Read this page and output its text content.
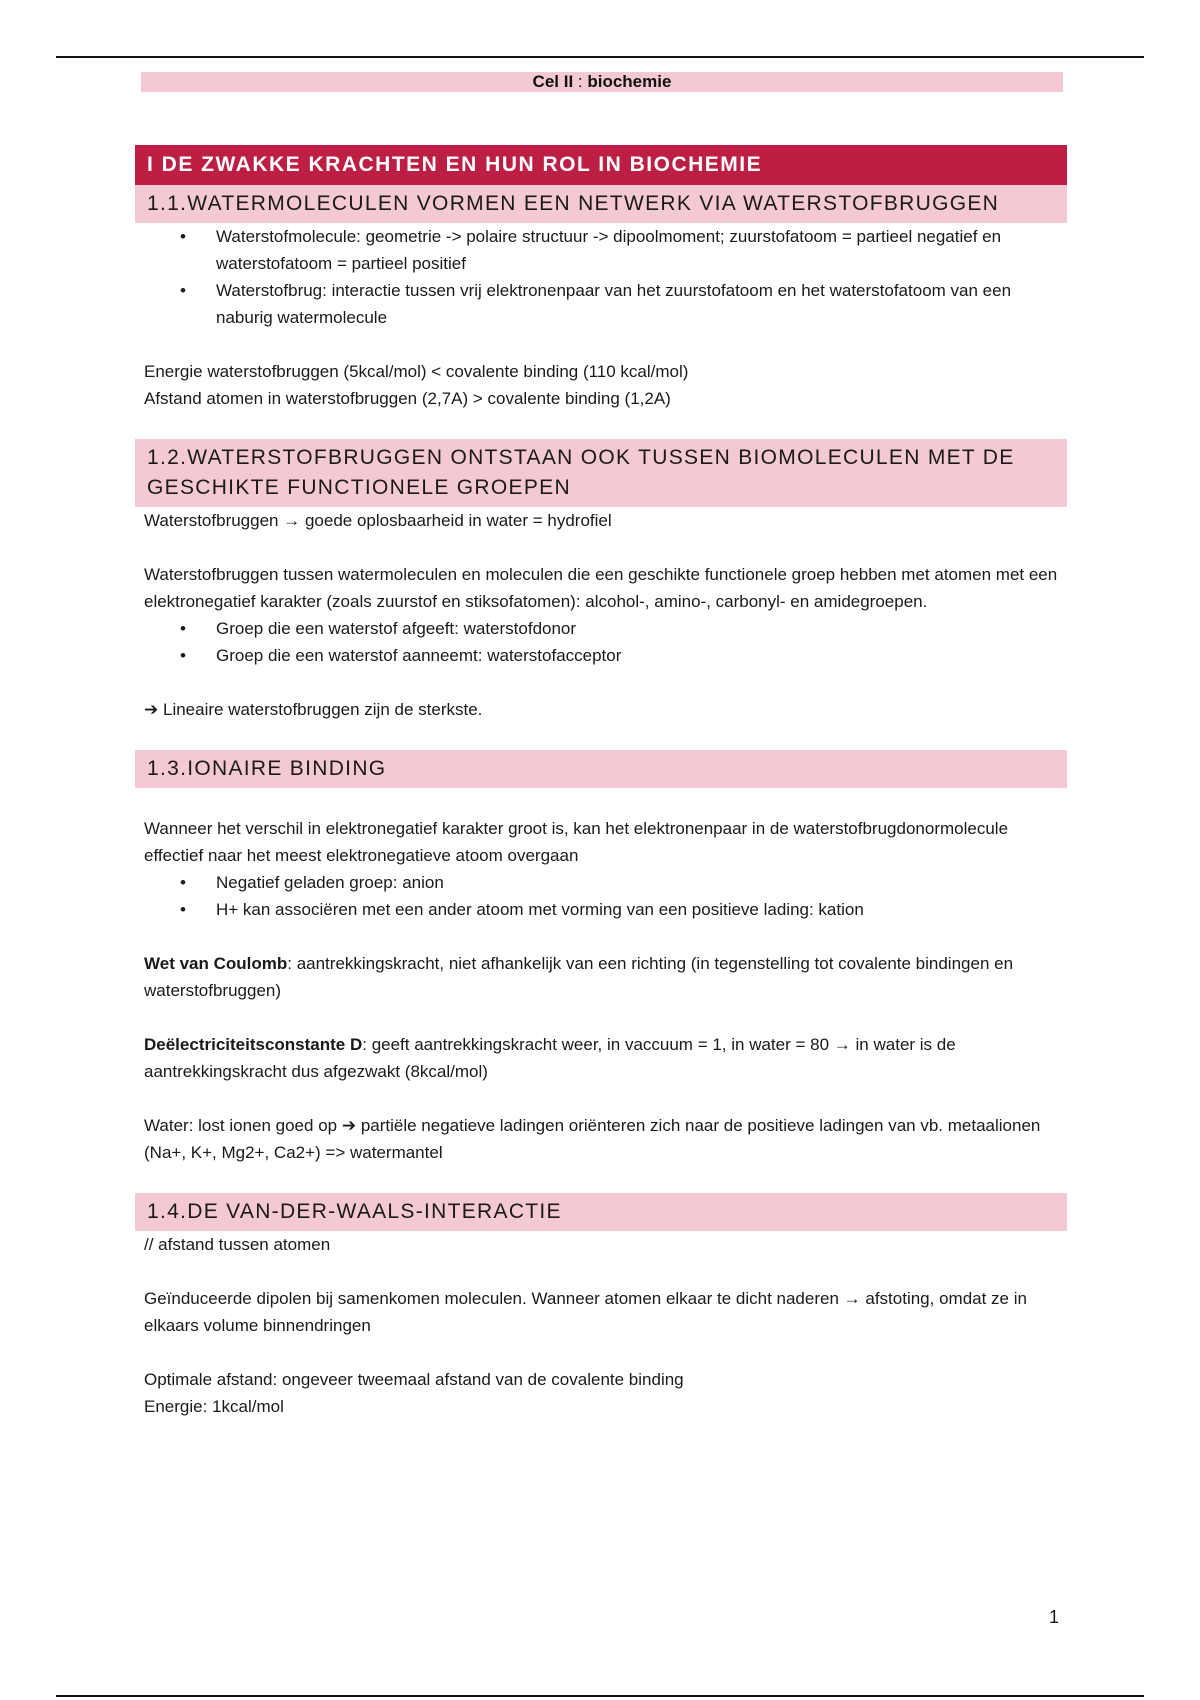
Cel II : biochemie
I DE ZWAKKE KRACHTEN EN HUN ROL IN BIOCHEMIE
1.1.WATERMOLECULEN VORMEN EEN NETWERK VIA WATERSTOFBRUGGEN
• Waterstofmolecule: geometrie -> polaire structuur -> dipoolmoment; zuurstofatoom = partieel negatief en waterstofatoom = partieel positief
• Waterstofbrug: interactie tussen vrij elektronenpaar van het zuurstofatoom en het waterstofatoom van een naburig watermolecule

Energie waterstofbruggen (5kcal/mol) < covalente binding (110 kcal/mol)

Afstand atomen in waterstofbruggen (2,7A) > covalente binding (1,2A)

1.2.WATERSTOFBRUGGEN ONTSTAAN OOK TUSSEN BIOMOLECULEN MET DE GESCHIKTE FUNCTIONELE GROEPEN

Waterstofbruggen → goede oplosbaarheid in water = hydrofiel

Waterstofbruggen tussen watermoleculen en moleculen die een geschikte functionele groep hebben met atomen met een elektronegatief karakter (zoals zuurstof en stiksofatomen): alcohol-, amino-, carbonyl- en amidegroepen.

• Groep die een waterstof afgeeft: waterstofdonor
• Groep die een waterstof aanneemt: waterstofacceptor

➔ Lineaire waterstofbruggen zijn de sterkste.

1.3.IONAIRE BINDING

Wanneer het verschil in elektronegatief karakter groot is, kan het elektronenpaar in de waterstofbrugdonormolecule effectief naar het meest elektronegatieve atoom overgaan

• Negatief geladen groep: anion
• H+ kan associëren met een ander atoom met vorming van een positieve lading: kation

Wet van Coulomb: aantrekkingskracht, niet afhankelijk van een richting (in tegenstelling tot covalente bindingen en waterstofbruggen)

Deëlectriciteitsconstante D: geeft aantrekkingskracht weer, in vaccuum = 1, in water = 80 → in water is de aantrekkingskracht dus afgezwakt (8kcal/mol)

Water: lost ionen goed op ➔ partiële negatieve ladingen oriënteren zich naar de positieve ladingen van vb. metaalionen (Na+, K+, Mg2+, Ca2+) => watermantel

1.4.DE VAN-DER-WAALS-INTERACTIE

// afstand tussen atomen

Geïnduceerde dipolen bij samenkomen moleculen. Wanneer atomen elkaar te dicht naderen → afstoting, omdat ze in elkaars volume binnendringen

Optimale afstand: ongeveer tweemaal afstand van de covalente binding

Energie: 1kcal/mol

1
